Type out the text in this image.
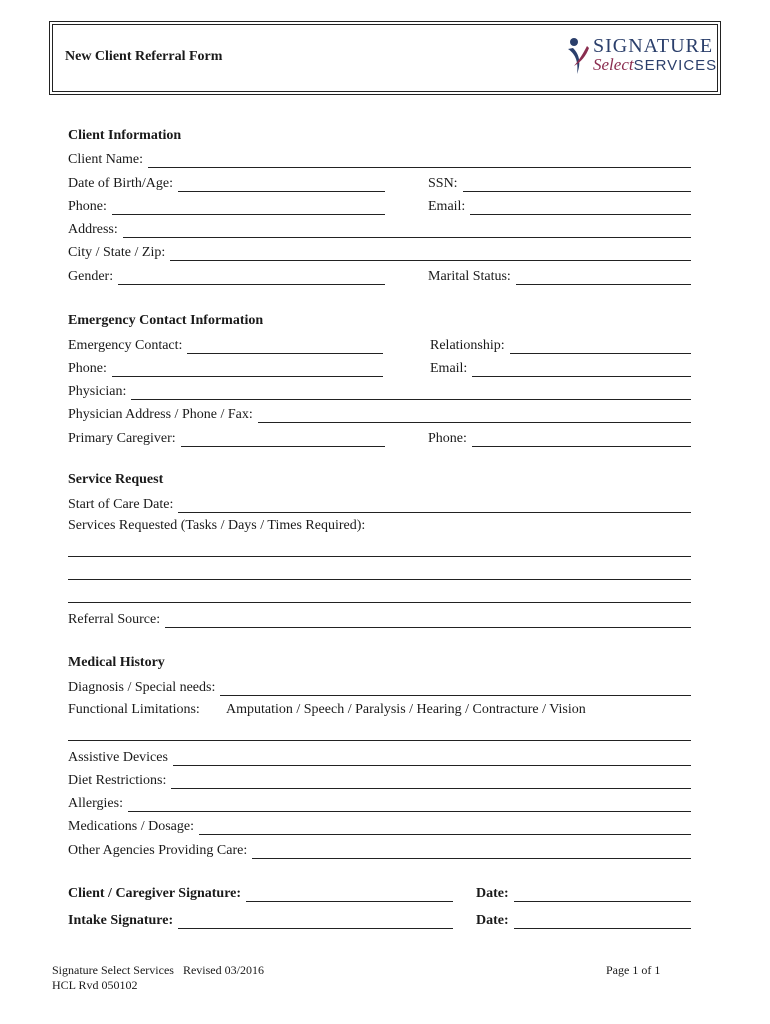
New Client Referral Form	SIGNATURE
SelectSERVICES
Client Information
Client Name:
Date of Birth/Age:	SSN:
Phone:	Email:
Address:
City / State / Zip:
Gender:	Marital Status:
Emergency Contact Information
Emergency Contact:	Relationship:
Phone:	Email:
Physician:
Physician Address / Phone / Fax:
Primary Caregiver:	Phone:
Service Request
Start of Care Date:
Services Requested (Tasks / Days / Times Required):
Referral Source:
Medical History
Diagnosis / Special needs:
Functional Limitations: Amputation / Speech / Paralysis / Hearing / Contracture / Vision
Assistive Devices
Diet Restrictions:
Allergies:
Medications / Dosage:
Other Agencies Providing Care:
Client / Caregiver Signature:	Date:
Intake Signature:	Date:
Signature Select Services   Revised 03/2016
HCL Rvd 050102
Page 1 of 1
